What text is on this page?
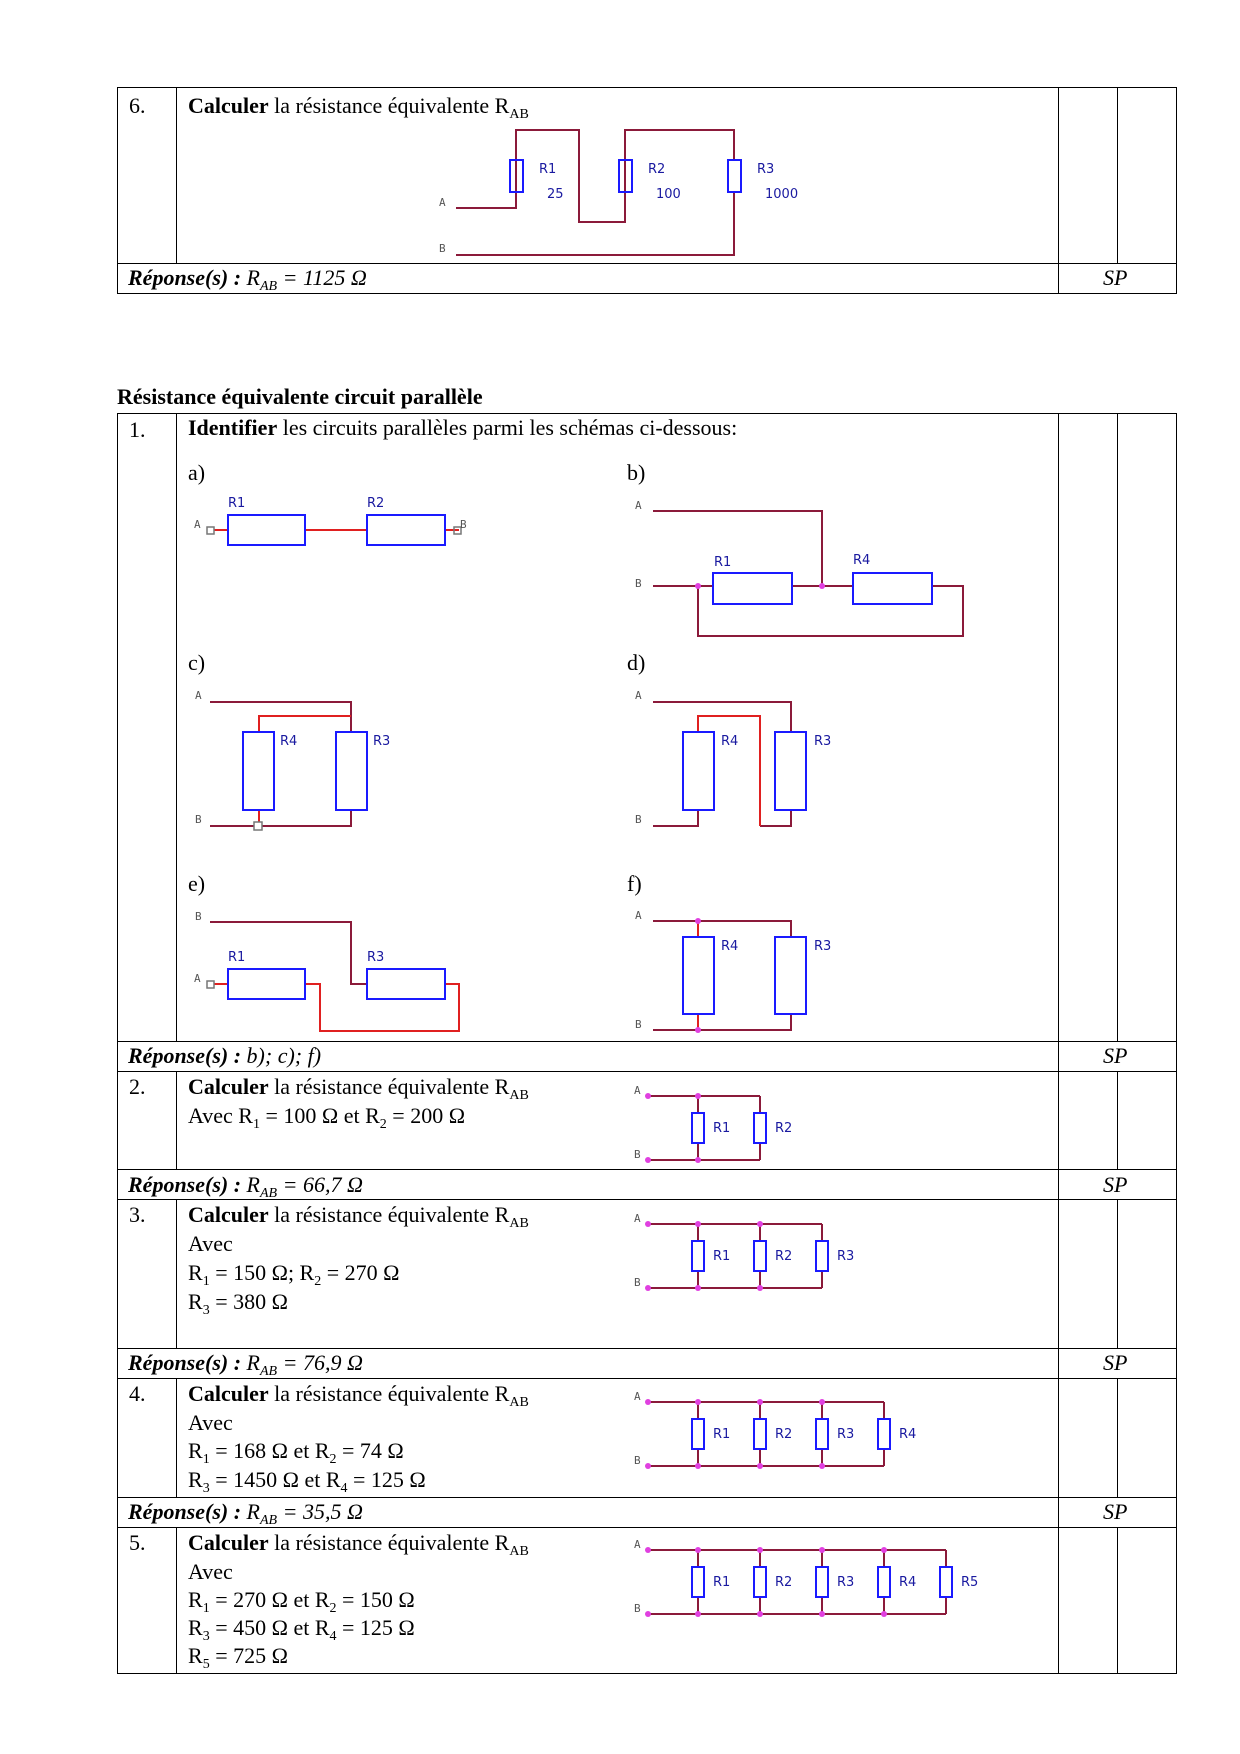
6. Calculer la résistance équivalente $R_{AB}$
A
B
R1
25
R2
100
R3
1000
Réponse(s) : $R_{AB} = 1125$ Ω	SP
Résistance équivalente circuit parallèle
1. Identifier les circuits parallèles parmi les schémas ci-dessous:
a)	b)
c)	d)
e)	f)
A	B
R1	R2	A
B
R1	R4
A
B
R4	R3
A
B
R4	R3
B
A
R1	R3
A
B
R4	R3
Réponse(s) : b); c); f)	SP
2. Calculer la résistance équivalente $R_{AB}$
Avec $R_1 = 100$ Ω et $R_2 = 200$ Ω
Réponse(s) : $R_{AB} = 66,7$ Ω	SP
3. Calculer la résistance équivalente $R_{AB}$
Avec
$R_1 = 150$ Ω; $R_2 = 270$ Ω
$R_3 = 380$ Ω
Réponse(s) : $R_{AB} = 76,9$ Ω	SP
4. Calculer la résistance équivalente $R_{AB}$
Avec
$R_1 = 168$ Ω et $R_2 = 74$ Ω
$R_3 = 1450$ Ω et $R_4 = 125$ Ω
Réponse(s) : $R_{AB} = 35,5$ Ω	SP
5. Calculer la résistance équivalente $R_{AB}$
Avec
$R_1 = 270$ Ω et $R_2 = 150$ Ω
$R_3 = 450$ Ω et $R_4 = 125$ Ω
$R_5 = 725$ Ω
A
B
R1	R2
A
B
R1	R2	R3
A
B
R1	R2	R3	R4
A
B
R1	R2	R3	R4	R5
